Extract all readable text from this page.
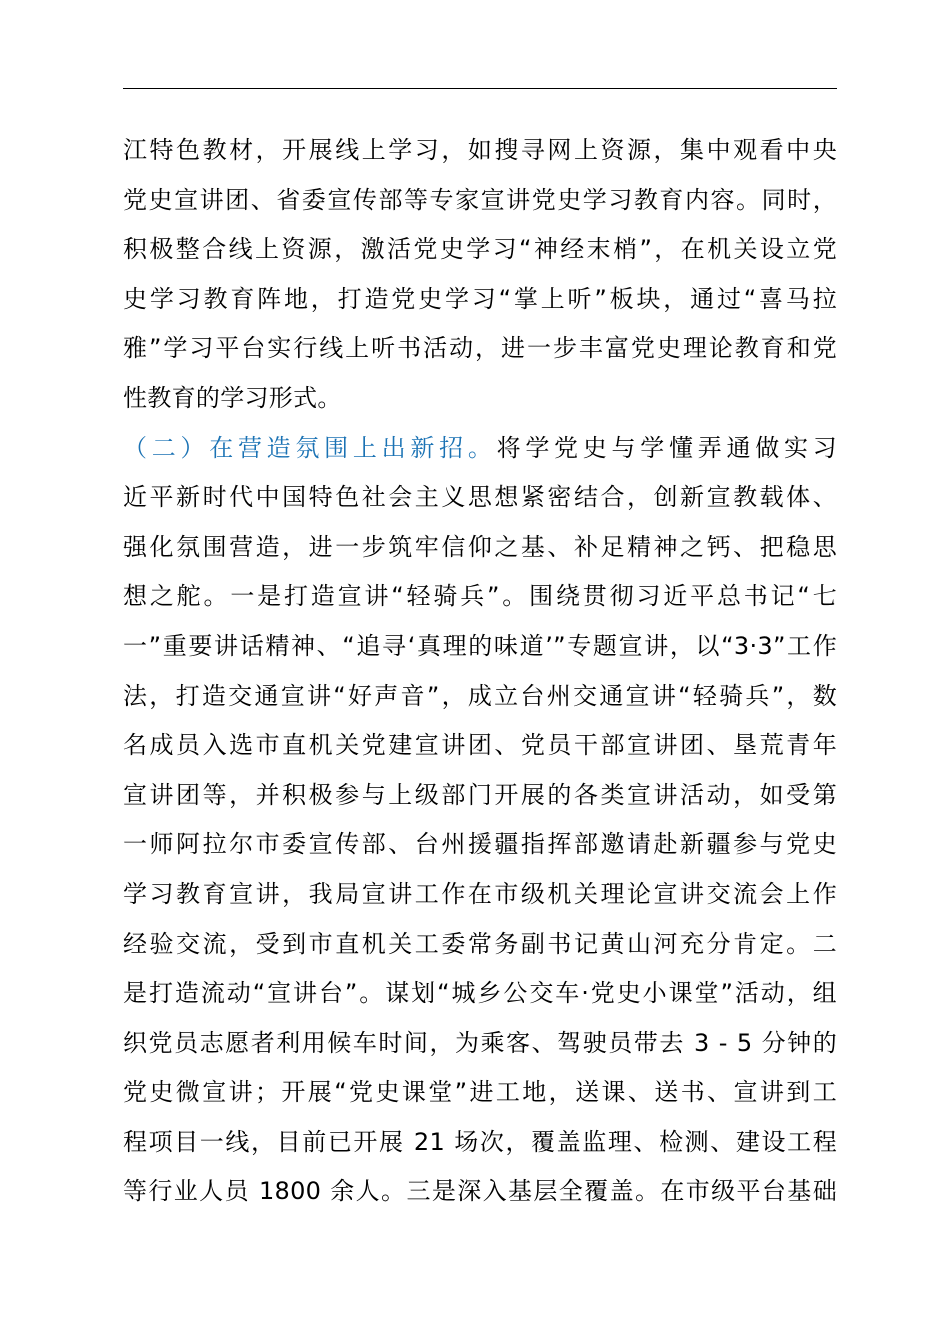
江特色教材，开展线上学习，如搜寻网上资源，集中观看中央
党史宣讲团、省委宣传部等专家宣讲党史学习教育内容。同时，
积极整合线上资源，激活党史学习“神经末梢”，在机关设立党
史学习教育阵地，打造党史学习“掌上听”板块，通过“喜马拉
雅”学习平台实行线上听书活动，进一步丰富党史理论教育和党
性教育的学习形式。
（二）在营造氛围上出新招。将学党史与学懂弄通做实习
近平新时代中国特色社会主义思想紧密结合，创新宣教载体、
强化氛围营造，进一步筑牢信仰之基、补足精神之钙、把稳思
想之舵。一是打造宣讲“轻骑兵”。围绕贯彻习近平总书记“七
一”重要讲话精神、“追寻‘真理的味道’”专题宣讲，以“3·3”工作
法，打造交通宣讲“好声音”，成立台州交通宣讲“轻骑兵”，数
名成员入选市直机关党建宣讲团、党员干部宣讲团、垦荒青年
宣讲团等，并积极参与上级部门开展的各类宣讲活动，如受第
一师阿拉尔市委宣传部、台州援疆指挥部邀请赴新疆参与党史
学习教育宣讲，我局宣讲工作在市级机关理论宣讲交流会上作
经验交流，受到市直机关工委常务副书记黄山河充分肯定。二
是打造流动“宣讲台”。谋划“城乡公交车·党史小课堂”活动，组
织党员志愿者利用候车时间，为乘客、驾驶员带去 3 - 5 分钟的
党史微宣讲；开展“党史课堂”进工地，送课、送书、宣讲到工
程项目一线，目前已开展 21 场次，覆盖监理、检测、建设工程
等行业人员 1800 余人。三是深入基层全覆盖。在市级平台基础
